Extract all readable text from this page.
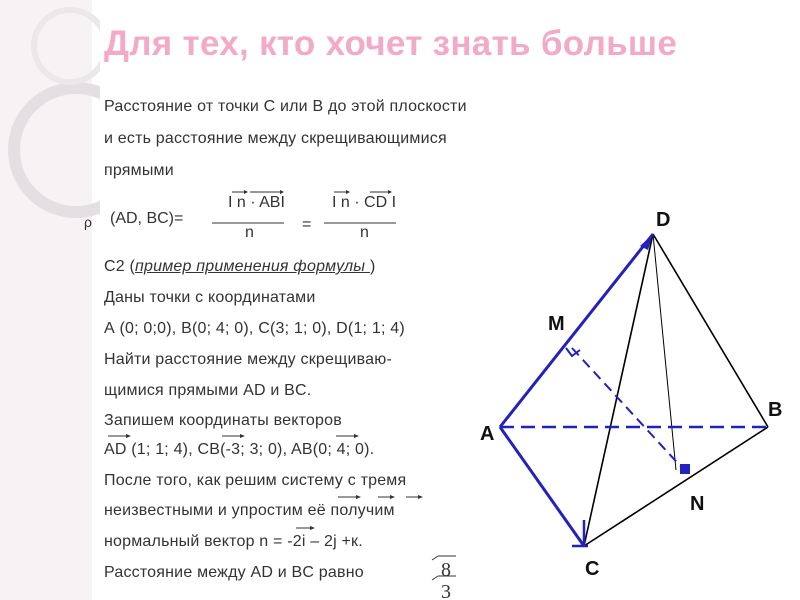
Для тех, кто хочет знать больше
Расстояние от точки С или В до этой плоскости
и есть расстояние между скрещивающимися
прямыми
ρ (AD, BC)=
I n · ABI
n	=
I n · CD I
n
С2 (пример применения формулы )
Даны точки с координатами
А (0; 0;0), В(0; 4; 0), С(3; 1; 0), D(1; 1; 4)
Найти расстояние между скрещиваю-
щимися прямыми AD и BC.
Запишем координаты векторов
AD (1; 1; 4), CB(-3; 3; 0), AB(0; 4; 0).
После того, как решим систему с тремя
неизвестными и упростим её получим
нормальный вектор n = -2i – 2j +к.
Расстояние между AD и BC равно	8
3
D
M
A
B
N
C
